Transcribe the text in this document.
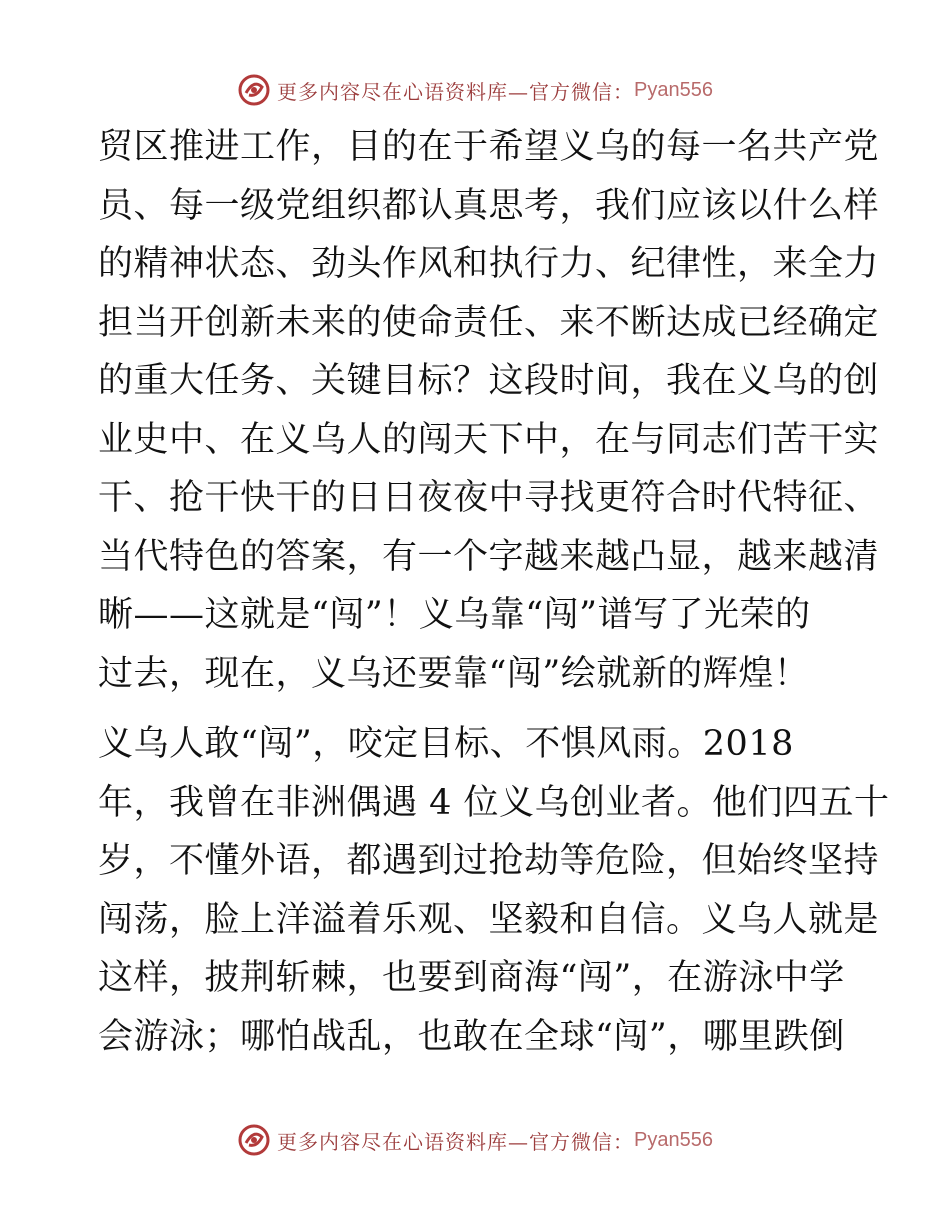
更多内容尽在心语资料库—官方微信： Pyan556
贸区推进工作，目的在于希望义乌的每一名共产党
员、每一级党组织都认真思考，我们应该以什么样
的精神状态、劲头作风和执行力、纪律性，来全力
担当开创新未来的使命责任、来不断达成已经确定
的重大任务、关键目标？这段时间，我在义乌的创
业史中、在义乌人的闯天下中，在与同志们苦干实
干、抢干快干的日日夜夜中寻找更符合时代特征、
当代特色的答案，有一个字越来越凸显，越来越清
晰——这就是“闯”！义乌靠“闯”谱写了光荣的
过去，现在，义乌还要靠“闯”绘就新的辉煌！
义乌人敢“闯”，咬定目标、不惧风雨。2018
年，我曾在非洲偶遇 4 位义乌创业者。他们四五十
岁，不懂外语，都遇到过抢劫等危险，但始终坚持
闯荡，脸上洋溢着乐观、坚毅和自信。义乌人就是
这样，披荆斩棘，也要到商海“闯”，在游泳中学
会游泳；哪怕战乱，也敢在全球“闯”，哪里跌倒
更多内容尽在心语资料库—官方微信： Pyan556
